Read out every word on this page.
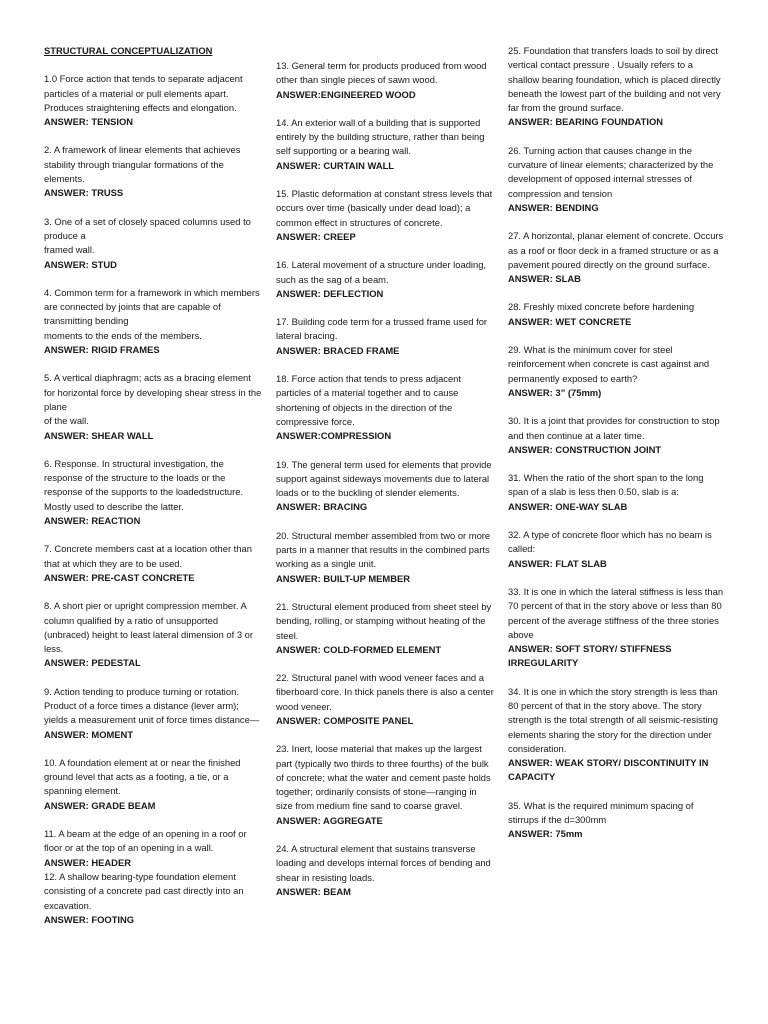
STRUCTURAL CONCEPTUALIZATION
1.0 Force action that tends to separate adjacent particles of a material or pull elements apart. Produces straightening effects and elongation.
ANSWER: TENSION
2. A framework of linear elements that achieves stability through triangular formations of the elements.
ANSWER: TRUSS
3. One of a set of closely spaced columns used to produce a
framed wall.
ANSWER: STUD
4. Common term for a framework in which members are connected by joints that are capable of transmitting bending
moments to the ends of the members.
ANSWER: RIGID FRAMES
5. A vertical diaphragm; acts as a bracing element for horizontal force by developing shear stress in the plane
of the wall.
ANSWER: SHEAR WALL
6. Response. In structural investigation, the response of the structure to the loads or the response of the supports to the loadedstructure. Mostly used to describe the latter.
ANSWER: REACTION
7. Concrete members cast at a location other than that at which they are to be used.
ANSWER: PRE-CAST CONCRETE
8. A short pier or upright compression member. A column qualified by a ratio of unsupported (unbraced) height to least lateral dimension of 3 or less.
ANSWER: PEDESTAL
9. Action tending to produce turning or rotation. Product of a force times a distance (lever arm); yields a measurement unit of force times distance—
ANSWER: MOMENT
10. A foundation element at or near the finished ground level that acts as a footing, a tie, or a spanning element.
ANSWER: GRADE BEAM
11. A beam at the edge of an opening in a roof or floor or at the top of an opening in a wall.
ANSWER: HEADER
12. A shallow bearing-type foundation element consisting of a concrete pad cast directly into an excavation.
ANSWER: FOOTING
13. General term for products produced from wood other than single pieces of sawn wood.
ANSWER:ENGINEERED WOOD
14. An exterior wall of a building that is supported entirely by the building structure, rather than being self supporting or a bearing wall.
ANSWER: CURTAIN WALL
15. Plastic deformation at constant stress levels that occurs over time (basically under dead load); a common effect in structures of concrete.
ANSWER: CREEP
16. Lateral movement of a structure under loading, such as the sag of a beam.
ANSWER: DEFLECTION
17. Building code term for a trussed frame used for lateral bracing.
ANSWER: BRACED FRAME
18. Force action that tends to press adjacent particles of a material together and to cause shortening of objects in the direction of the compressive force.
ANSWER:COMPRESSION
19. The general term used for elements that provide support against sideways movements due to lateral loads or to the buckling of slender elements.
ANSWER: BRACING
20. Structural member assembled from two or more parts in a manner that results in the combined parts working as a single unit.
ANSWER: BUILT-UP MEMBER
21. Structural element produced from sheet steel by bending, rolling, or stamping without heating of the steel.
ANSWER: COLD-FORMED ELEMENT
22. Structural panel with wood veneer faces and a fiberboard core. In thick panels there is also a center wood veneer.
ANSWER: COMPOSITE PANEL
23. Inert, loose material that makes up the largest part (typically two thirds to three fourths) of the bulk of concrete; what the water and cement paste holds together; ordinarily consists of stone—ranging in size from medium fine sand to coarse gravel.
ANSWER: AGGREGATE
24. A structural element that sustains transverse loading and develops internal forces of bending and shear in resisting loads.
ANSWER: BEAM
25. Foundation that transfers loads to soil by direct vertical contact pressure . Usually refers to a shallow bearing foundation, which is placed directly beneath the lowest part of the building and not very far from the ground surface.
ANSWER: BEARING FOUNDATION
26. Turning action that causes change in the curvature of linear elements; characterized by the development of opposed internal stresses of compression and tension
ANSWER: BENDING
27. A horizontal, planar element of concrete. Occurs as a roof or floor deck in a framed structure or as a pavement poured directly on the ground surface.
ANSWER: SLAB
28. Freshly mixed concrete before hardening
ANSWER: WET CONCRETE
29. What is the minimum cover for steel reinforcement when concrete is cast against and permanently exposed to earth?
ANSWER: 3” (75mm)
30. It is a joint that provides for construction to stop and then continue at a later time.
ANSWER: CONSTRUCTION JOINT
31. When the ratio of the short span to the long span of a slab is less then 0.50, slab is a:
ANSWER: ONE-WAY SLAB
32. A type of concrete floor which has no beam is called:
ANSWER: FLAT SLAB
33. It is one in which the lateral stiffness is less than 70 percent of that in the story above or less than 80 percent of the average stiffness of the three stories above
ANSWER: SOFT STORY/ STIFFNESS IRREGULARITY
34. It is one in which the story strength is less than 80 percent of that in the story above. The story strength is the total strength of all seismic-resisting elements sharing the story for the direction under consideration.
ANSWER: WEAK STORY/ DISCONTINUITY IN CAPACITY
35. What is the required minimum spacing of stirrups if the d=300mm
ANSWER: 75mm
